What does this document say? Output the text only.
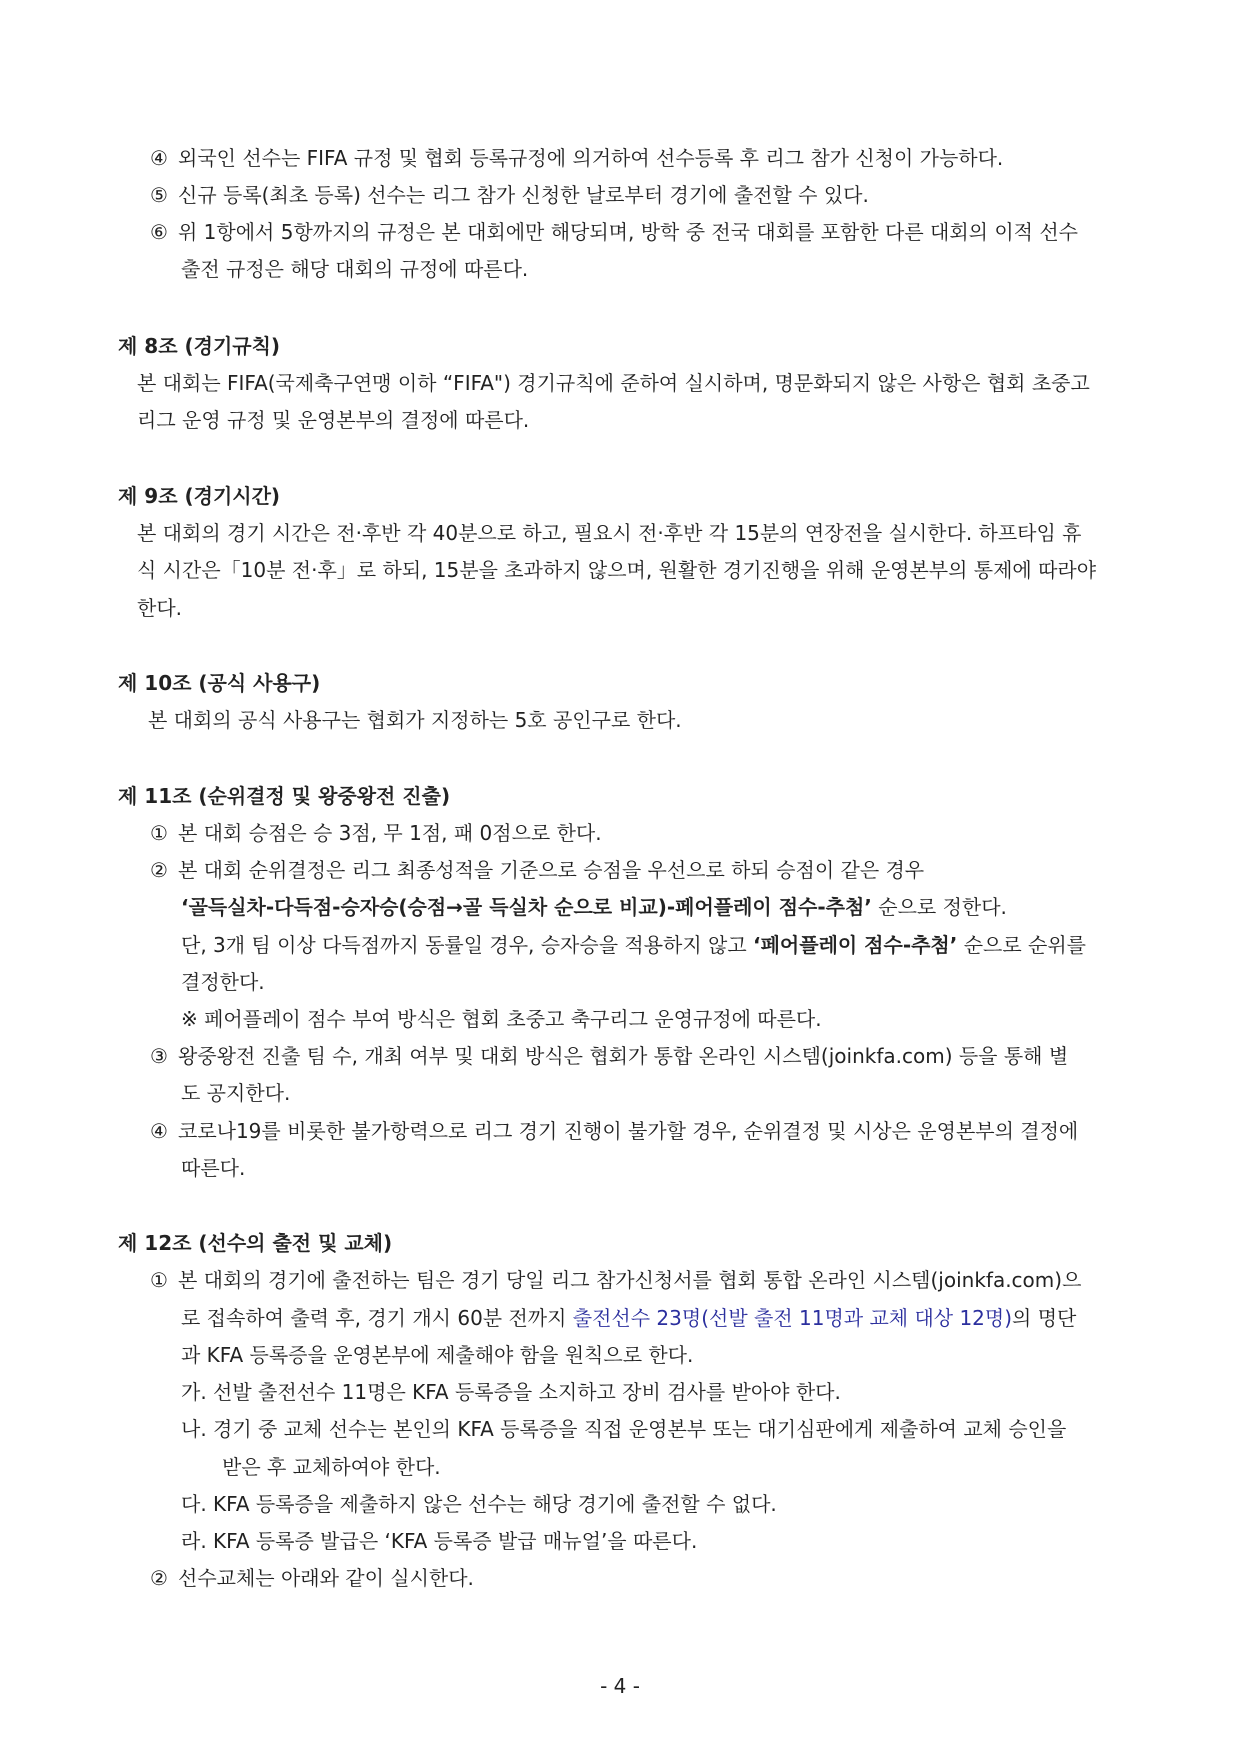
④ 외국인 선수는 FIFA 규정 및 협회 등록규정에 의거하여 선수등록 후 리그 참가 신청이 가능하다.
⑤ 신규 등록(최초 등록) 선수는 리그 참가 신청한 날로부터 경기에 출전할 수 있다.
⑥ 위 1항에서 5항까지의 규정은 본 대회에만 해당되며, 방학 중 전국 대회를 포함한 다른 대회의 이적 선수
출전 규정은 해당 대회의 규정에 따른다.
제 8조 (경기규칙)
본 대회는 FIFA(국제축구연맹 이하 “FIFA") 경기규칙에 준하여 실시하며, 명문화되지 않은 사항은 협회 초중고
리그 운영 규정 및 운영본부의 결정에 따른다.
제 9조 (경기시간)
본 대회의 경기 시간은 전·후반 각 40분으로 하고, 필요시 전·후반 각 15분의 연장전을 실시한다. 하프타임 휴
식 시간은「10분 전·후」로 하되, 15분을 초과하지 않으며, 원활한 경기진행을 위해 운영본부의 통제에 따라야
한다.
제 10조 (공식 사용구)
본 대회의 공식 사용구는 협회가 지정하는 5호 공인구로 한다.
제 11조 (순위결정 및 왕중왕전 진출)
① 본 대회 승점은 승 3점, 무 1점, 패 0점으로 한다.
② 본 대회 순위결정은 리그 최종성적을 기준으로 승점을 우선으로 하되 승점이 같은 경우
‘골득실차-다득점-승자승(승점→골 득실차 순으로 비교)-페어플레이 점수-추첨’ 순으로 정한다.
단, 3개 팀 이상 다득점까지 동률일 경우, 승자승을 적용하지 않고 ‘페어플레이 점수-추첨’ 순으로 순위를
결정한다.
※ 페어플레이 점수 부여 방식은 협회 초중고 축구리그 운영규정에 따른다.
③ 왕중왕전 진출 팀 수, 개최 여부 및 대회 방식은 협회가 통합 온라인 시스템(joinkfa.com) 등을 통해 별
도 공지한다.
④ 코로나19를 비롯한 불가항력으로 리그 경기 진행이 불가할 경우, 순위결정 및 시상은 운영본부의 결정에
따른다.
제 12조 (선수의 출전 및 교체)
① 본 대회의 경기에 출전하는 팀은 경기 당일 리그 참가신청서를 협회 통합 온라인 시스템(joinkfa.com)으
로 접속하여 출력 후, 경기 개시 60분 전까지 출전선수 23명(선발 출전 11명과 교체 대상 12명)의 명단
과 KFA 등록증을 운영본부에 제출해야 함을 원칙으로 한다.
가. 선발 출전선수 11명은 KFA 등록증을 소지하고 장비 검사를 받아야 한다.
나. 경기 중 교체 선수는 본인의 KFA 등록증을 직접 운영본부 또는 대기심판에게 제출하여 교체 승인을
받은 후 교체하여야 한다.
다. KFA 등록증을 제출하지 않은 선수는 해당 경기에 출전할 수 없다.
라. KFA 등록증 발급은 ‘KFA 등록증 발급 매뉴얼’을 따른다.
② 선수교체는 아래와 같이 실시한다.
- 4 -
